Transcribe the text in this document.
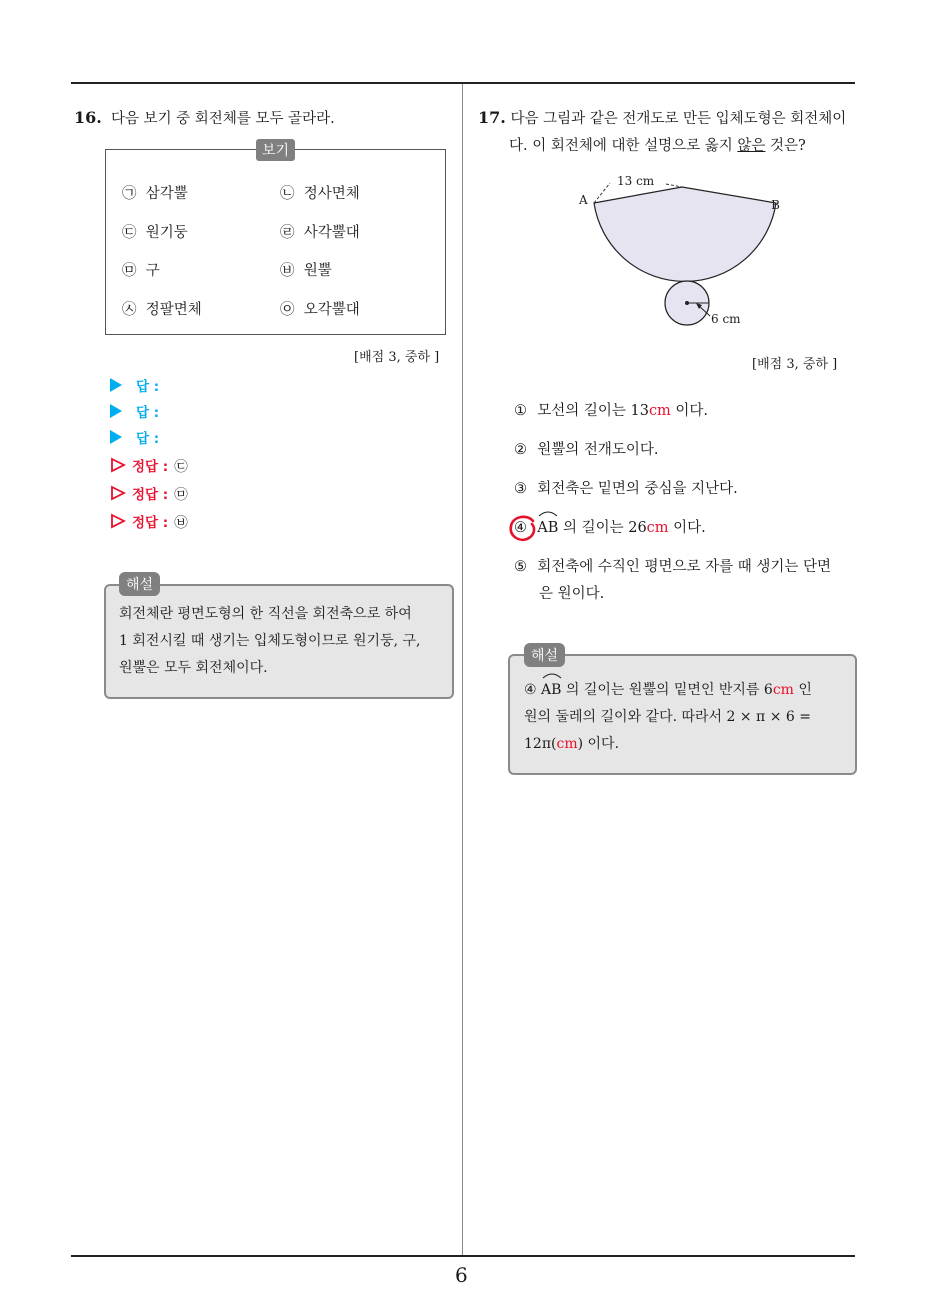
16. 다음 보기 중 회전체를 모두 골라라.
보기
㉠ 삼각뿔	㉡ 정사면체
㉢ 원기둥	㉣ 사각뿔대
㉤ 구	㉥ 원뿔
㉦ 정팔면체	㉧ 오각뿔대
[배점 3, 중하 ]
답 :
답 :
답 :
정답 : ㉢
정답 : ㉤
정답 : ㉥
회전체란 평면도형의 한 직선을 회전축으로 하여
1 회전시킬 때 생기는 입체도형이므로 원기둥, 구,
원뿔은 모두 회전체이다.
해설
17. 다음 그림과 같은 전개도로 만든 입체도형은 회전체이
다. 이 회전체에 대한 설명으로 옳지 않은 것은?
13 cm
A	B
6 cm
[배점 3, 중하 ]
① 모선의 길이는 13cm 이다.
② 원뿔의 전개도이다.
③ 회전축은 밑면의 중심을 지난다.
④ AB 의 길이는 26cm 이다.
⑤ 회전축에 수직인 평면으로 자를 때 생기는 단면
은 원이다.
④
AB 의 길이는 원뿔의 밑면인 반지름 6cm 인
원의 둘레의 길이와 같다. 따라서 2 × π × 6 =
12π(cm) 이다.
해설
6
